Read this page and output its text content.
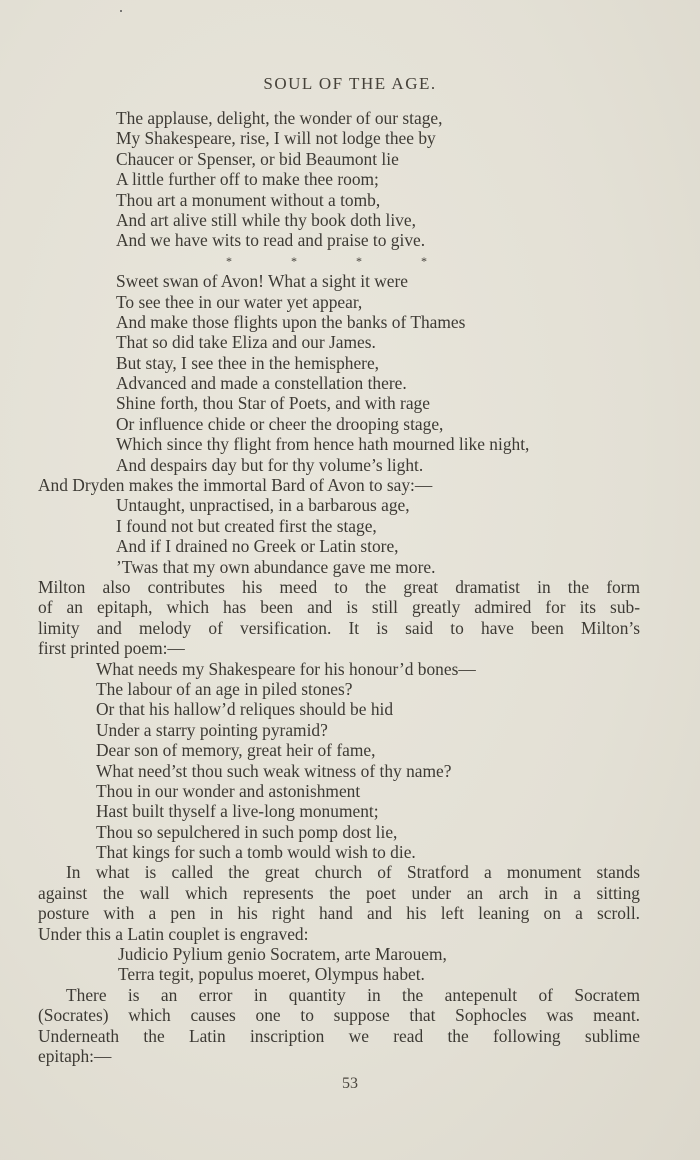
SOUL OF THE AGE.
The applause, delight, the wonder of our stage,
My Shakespeare, rise, I will not lodge thee by
Chaucer or Spenser, or bid Beaumont lie
A little further off to make thee room;
Thou art a monument without a tomb,
And art alive still while thy book doth live,
And we have wits to read and praise to give.
* * * *
Sweet swan of Avon! What a sight it were
To see thee in our water yet appear,
And make those flights upon the banks of Thames
That so did take Eliza and our James.
But stay, I see thee in the hemisphere,
Advanced and made a constellation there.
Shine forth, thou Star of Poets, and with rage
Or influence chide or cheer the drooping stage,
Which since thy flight from hence hath mourned like night,
And despairs day but for thy volume’s light.
And Dryden makes the immortal Bard of Avon to say:—
Untaught, unpractised, in a barbarous age,
I found not but created first the stage,
And if I drained no Greek or Latin store,
’Twas that my own abundance gave me more.
Milton also contributes his meed to the great dramatist in the form
of an epitaph, which has been and is still greatly admired for its sub-
limity and melody of versification. It is said to have been Milton’s
first printed poem:—
What needs my Shakespeare for his honour’d bones—
The labour of an age in piled stones?
Or that his hallow’d reliques should be hid
Under a starry pointing pyramid?
Dear son of memory, great heir of fame,
What need’st thou such weak witness of thy name?
Thou in our wonder and astonishment
Hast built thyself a live-long monument;
Thou so sepulchered in such pomp dost lie,
That kings for such a tomb would wish to die.
In what is called the great church of Stratford a monument stands
against the wall which represents the poet under an arch in a sitting
posture with a pen in his right hand and his left leaning on a scroll.
Under this a Latin couplet is engraved:
Judicio Pylium genio Socratem, arte Marouem,
Terra tegit, populus moeret, Olympus habet.
There is an error in quantity in the antepenult of Socratem
(Socrates) which causes one to suppose that Sophocles was meant.
Underneath the Latin inscription we read the following sublime
epitaph:—
53
